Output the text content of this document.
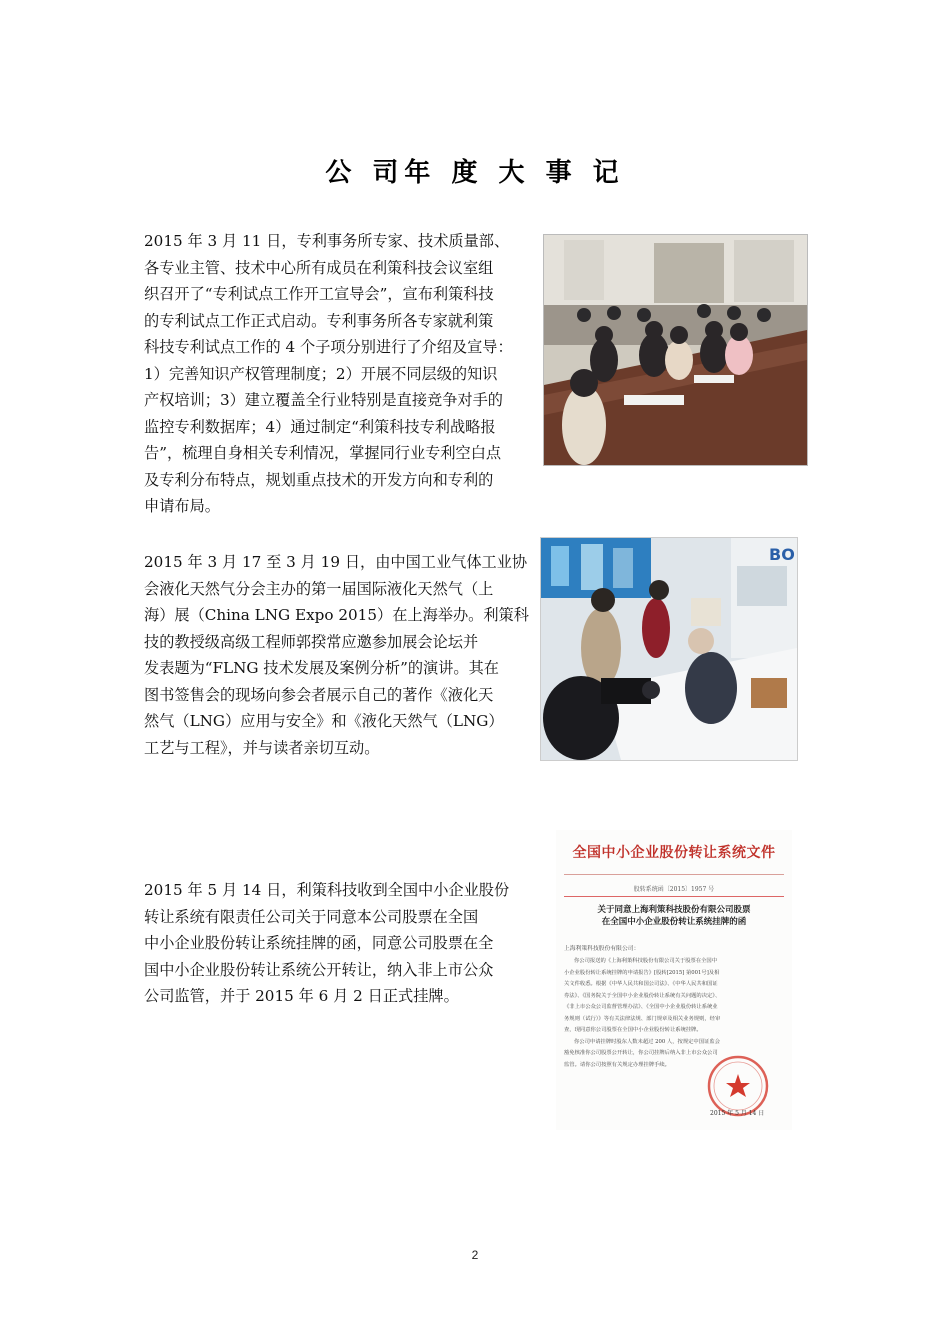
公 司年 度 大 事 记
2015 年 3 月 11 日，专利事务所专家、技术质量部、
各专业主管、技术中心所有成员在利策科技会议室组
织召开了“专利试点工作开工宣导会”，宣布利策科技
的专利试点工作正式启动。专利事务所各专家就利策
科技专利试点工作的 4 个子项分别进行了介绍及宣导：
1）完善知识产权管理制度；2）开展不同层级的知识
产权培训；3）建立覆盖全行业特别是直接竞争对手的
监控专利数据库；4）通过制定“利策科技专利战略报
告”，梳理自身相关专利情况，掌握同行业专利空白点
及专利分布特点，规划重点技术的开发方向和专利的
申请布局。
2015 年 3 月 17 至 3 月 19 日，由中国工业气体工业协
会液化天然气分会主办的第一届国际液化天然气（上
海）展（China LNG Expo 2015）在上海举办。利策科
技的教授级高级工程师郭揆常应邀参加展会论坛并
发表题为“FLNG 技术发展及案例分析”的演讲。其在
图书签售会的现场向参会者展示自己的著作《液化天
然气（LNG）应用与安全》和《液化天然气（LNG）
工艺与工程》，并与读者亲切互动。
BO
2015 年 5 月 14 日，利策科技收到全国中小企业股份
转让系统有限责任公司关于同意本公司股票在全国
中小企业股份转让系统挂牌的函，同意公司股票在全
国中小企业股份转让系统公开转让，纳入非上市公众
公司监管，并于 2015 年 6 月 2 日正式挂牌。
全国中小企业股份转让系统文件
股转系统函〔2015〕1957 号
关于同意上海利策科技股份有限公司股票
在全国中小企业股份转让系统挂牌的函
上海利策科技股份有限公司：
你公司报送的《上海利策科技股份有限公司关于股票在全国中
小企业股份转让系统挂牌的申请报告》[股转[2015] 第001号]及相
关文件收悉。根据《中华人民共和国公司法》、《中华人民共和国证
券法》、《国务院关于全国中小企业股份转让系统有关问题的决定》、
《非上市公众公司监督管理办法》、《全国中小企业股份转让系统业
务规则（试行）》等有关法律法规、部门规章及相关业务规则，经审
查，现同意你公司股票在全国中小企业股份转让系统挂牌。
你公司申请挂牌时股东人数未超过 200 人，按规定中国证监会
豁免核准你公司股票公开转让，你公司挂牌后纳入非上市公众公司
监管。请你公司按照有关规定办理挂牌手续。
2015 年 5 月 14 日
2
